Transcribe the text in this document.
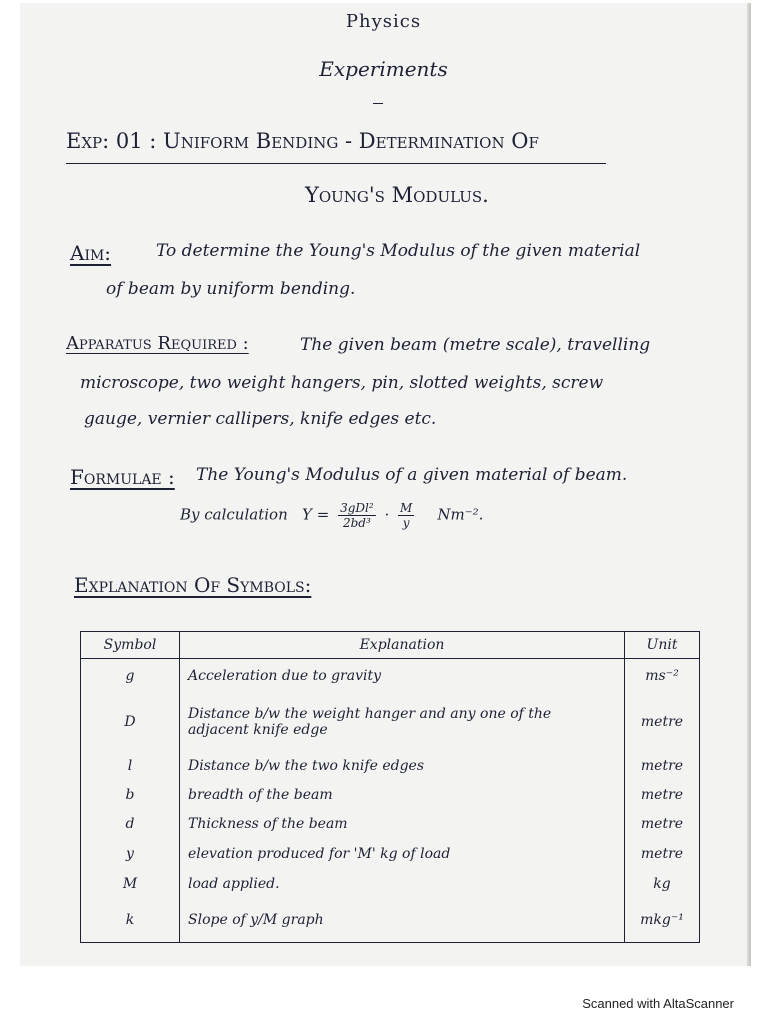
Physics
Experiments
Exp: 01 : Uniform Bending - Determination Of
Young's Modulus.
Aim:	To determine the Young's Modulus of the given material
of beam by uniform bending.
Apparatus Required :	The given beam (metre scale), travelling
microscope, two weight hangers, pin, slotted weights, screw
gauge, vernier callipers, knife edges etc.
Formulae : The Young's Modulus of a given material of beam.
By calculation $Y = \frac{\text{3gDl²}}{\text{2bd³}} \cdot \frac{M}{y} Nm^{-2}$.
Explanation Of Symbols:
Symbol	Explanation	Unit
g	Acceleration due to gravity	ms⁻²
D	Distance b/w the weight hanger and any one of the adjacent knife edge	metre
l	Distance b/w the two knife edges	metre
b	breadth of the beam	metre
d	Thickness of the beam	metre
y	elevation produced for 'M' kg of load	metre
M	load applied.	kg
k	Slope of y/M graph	mkg⁻¹
Scanned with AltaScanner
